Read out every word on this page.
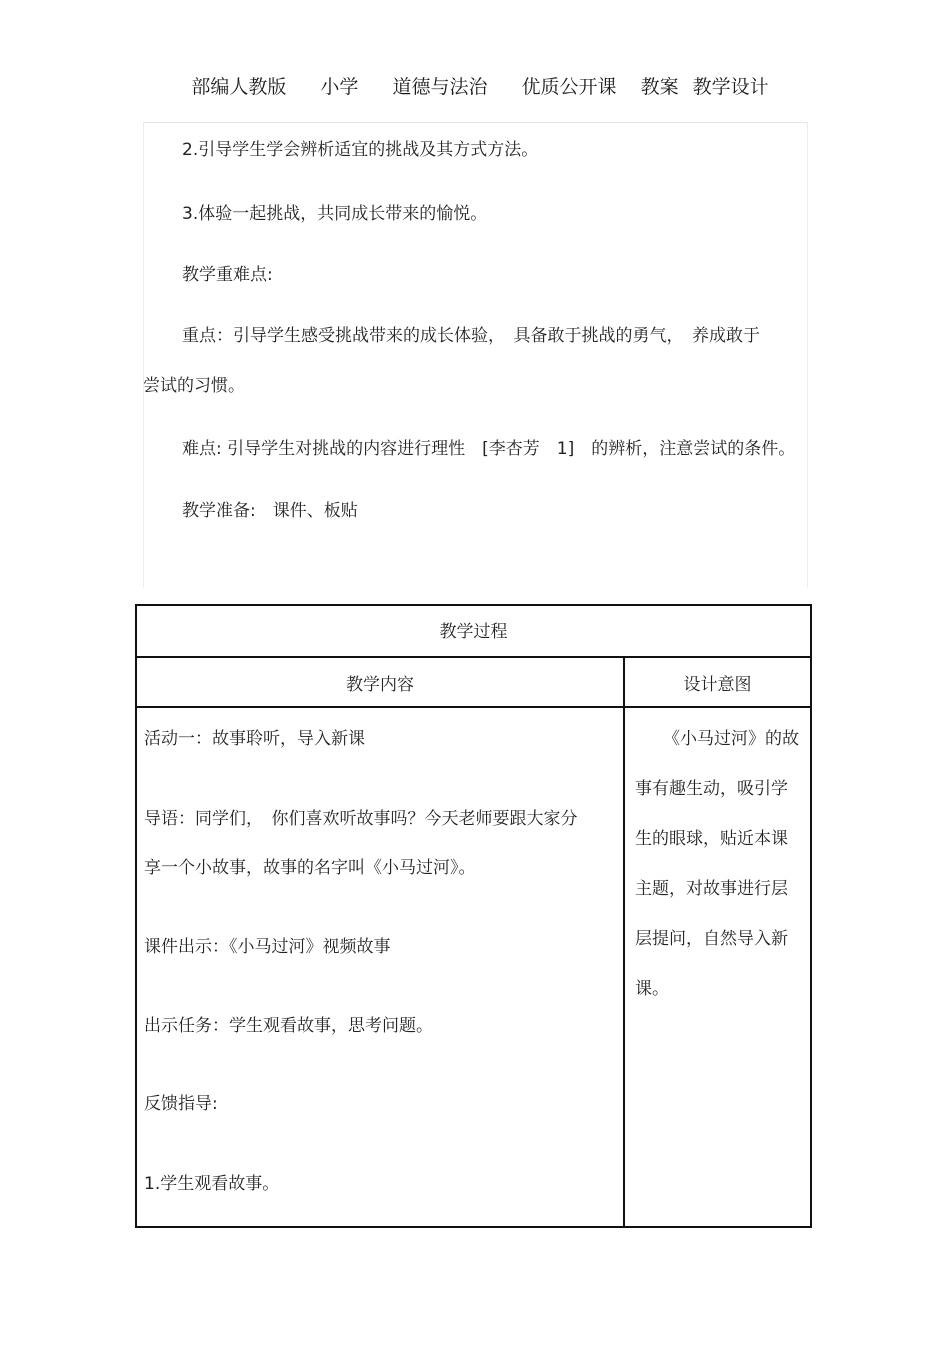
部编人教版 小学 道德与法治 优质公开课 教案 教学设计
2.引导学生学会辨析适宜的挑战及其方式方法。
3.体验一起挑战，共同成长带来的愉悦。
教学重难点:
重点：引导学生感受挑战带来的成长体验，　具备敢于挑战的勇气，　养成敢于
尝试的习惯。
难点: 引导学生对挑战的内容进行理性　[李杏芳　1]　的辨析，注意尝试的条件。
教学准备:　课件、板贴
教学过程
教学内容	设计意图
活动一：故事聆听，导入新课
导语：同学们，　你们喜欢听故事吗？今天老师要跟大家分
享一个小故事，故事的名字叫《小马过河》。
课件出示：《小马过河》视频故事
出示任务：学生观看故事，思考问题。
反馈指导:
1.学生观看故事。
《小马过河》的故
事有趣生动，吸引学
生的眼球，贴近本课
主题，对故事进行层
层提问，自然导入新
课。
